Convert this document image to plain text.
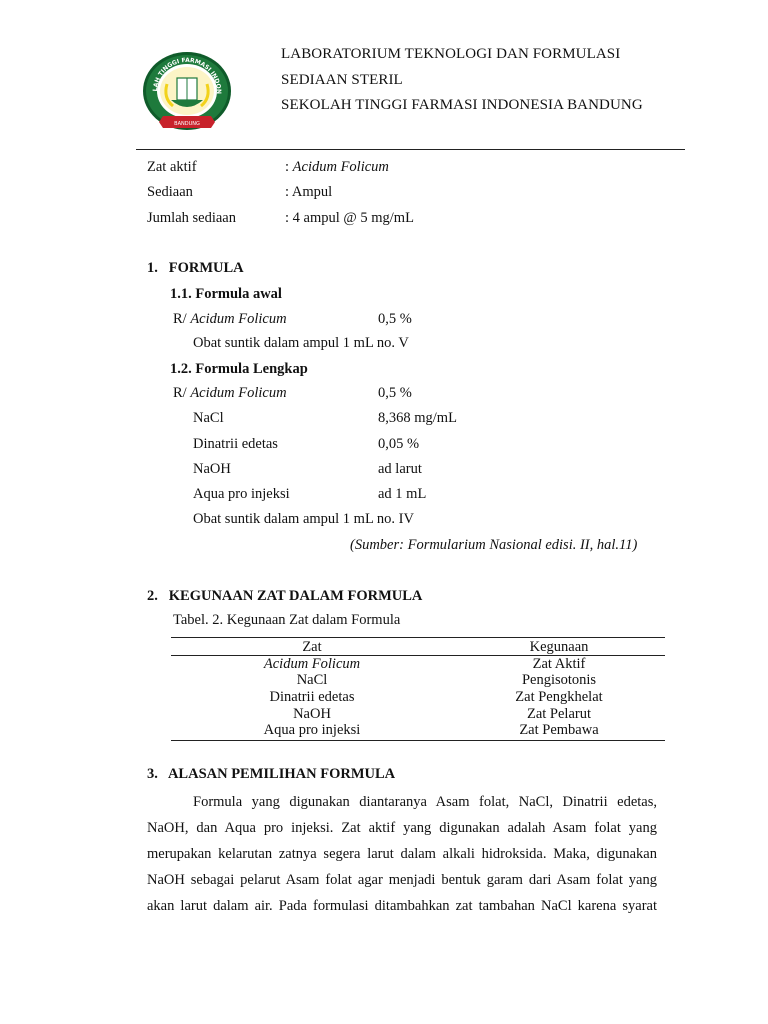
LAH TINGGI FARMASI INDON
BANDUNG
LABORATORIUM TEKNOLOGI DAN FORMULASI
SEDIAAN STERIL
SEKOLAH TINGGI FARMASI INDONESIA BANDUNG
Zat aktif	: Acidum Folicum
Sediaan	: Ampul
Jumlah sediaan	: 4 ampul @ 5 mg/mL
1.   FORMULA
1.1. Formula awal
R/ Acidum Folicum	0,5 %
Obat suntik dalam ampul 1 mL no. V
1.2. Formula Lengkap
R/ Acidum Folicum	0,5 %
NaCl	8,368 mg/mL
Dinatrii edetas	0,05 %
NaOH	ad larut
Aqua pro injeksi	ad 1 mL
Obat suntik dalam ampul 1 mL no. IV
(Sumber: Formularium Nasional edisi. II, hal.11)
2.   KEGUNAAN ZAT DALAM FORMULA
Tabel. 2. Kegunaan Zat dalam Formula
Zat	Kegunaan
Acidum Folicum	Zat Aktif
NaCl	Pengisotonis
Dinatrii edetas	Zat Pengkhelat
NaOH	Zat Pelarut
Aqua pro injeksi	Zat Pembawa
3.   ALASAN PEMILIHAN FORMULA

Formula yang digunakan diantaranya Asam folat, NaCl, Dinatrii edetas,

NaOH, dan Aqua pro injeksi. Zat aktif yang digunakan adalah Asam folat yang

merupakan kelarutan zatnya segera larut dalam alkali hidroksida. Maka, digunakan

NaOH sebagai pelarut Asam folat agar menjadi bentuk garam dari Asam folat yang

akan larut dalam air. Pada formulasi ditambahkan zat tambahan NaCl karena syarat
